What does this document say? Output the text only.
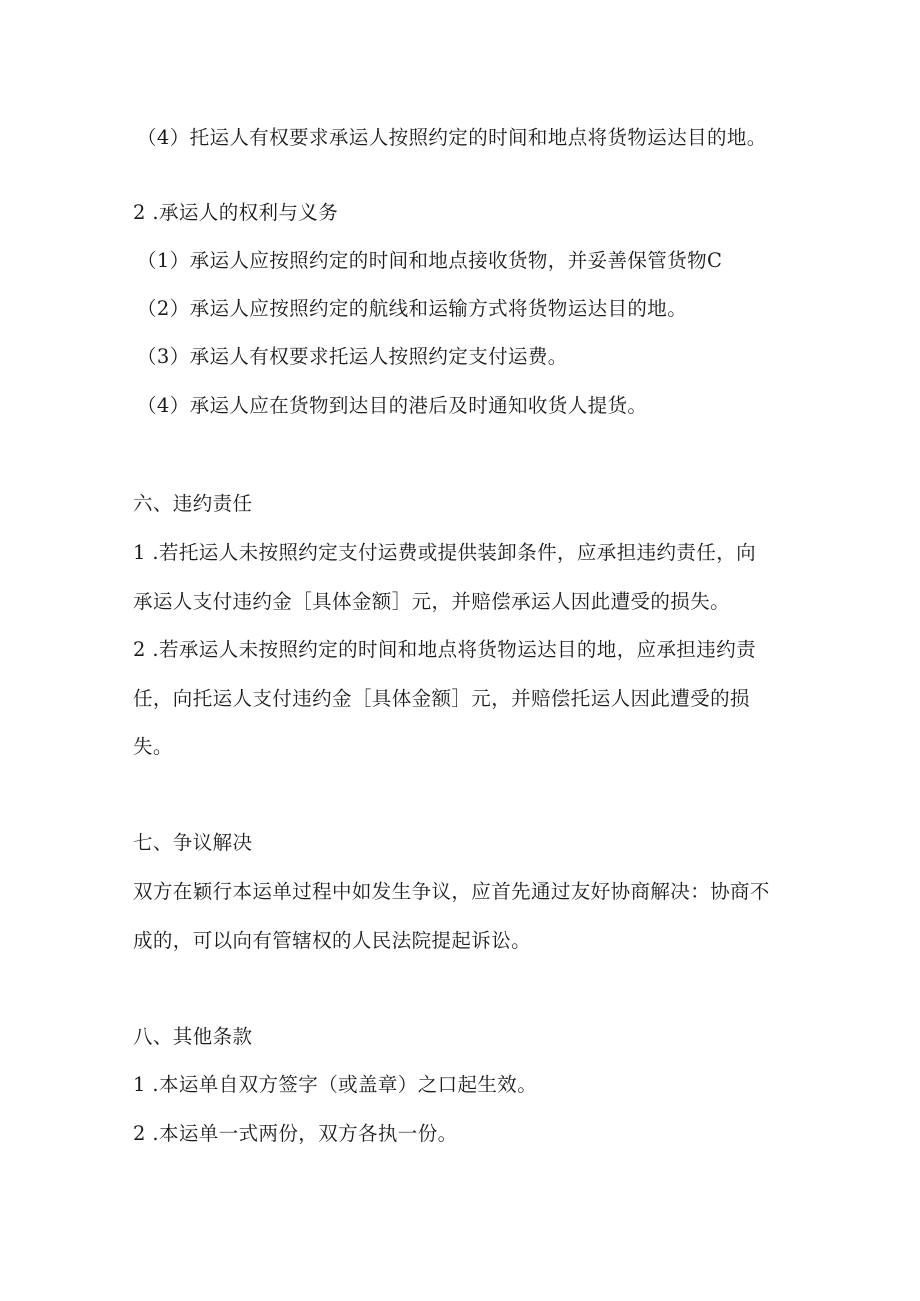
（4）托运人有权要求承运人按照约定的时间和地点将货物运达目的地。
2 .承运人的权利与义务
（1）承运人应按照约定的时间和地点接收货物，并妥善保管货物C
（2）承运人应按照约定的航线和运输方式将货物运达目的地。
（3）承运人有权要求托运人按照约定支付运费。
（4）承运人应在货物到达目的港后及时通知收货人提货。
六、违约责任
1 .若托运人未按照约定支付运费或提供装卸条件，应承担违约责任，向
承运人支付违约金［具体金额］元，并赔偿承运人因此遭受的损失。
2 .若承运人未按照约定的时间和地点将货物运达目的地，应承担违约责
任，向托运人支付违约金［具体金额］元，并赔偿托运人因此遭受的损
失。
七、争议解决
双方在颖行本运单过程中如发生争议，应首先通过友好协商解决：协商不
成的，可以向有管辖权的人民法院提起诉讼。
八、其他条款
1 .本运单自双方签字（或盖章）之口起生效。
2 .本运单一式两份，双方各执一份。
